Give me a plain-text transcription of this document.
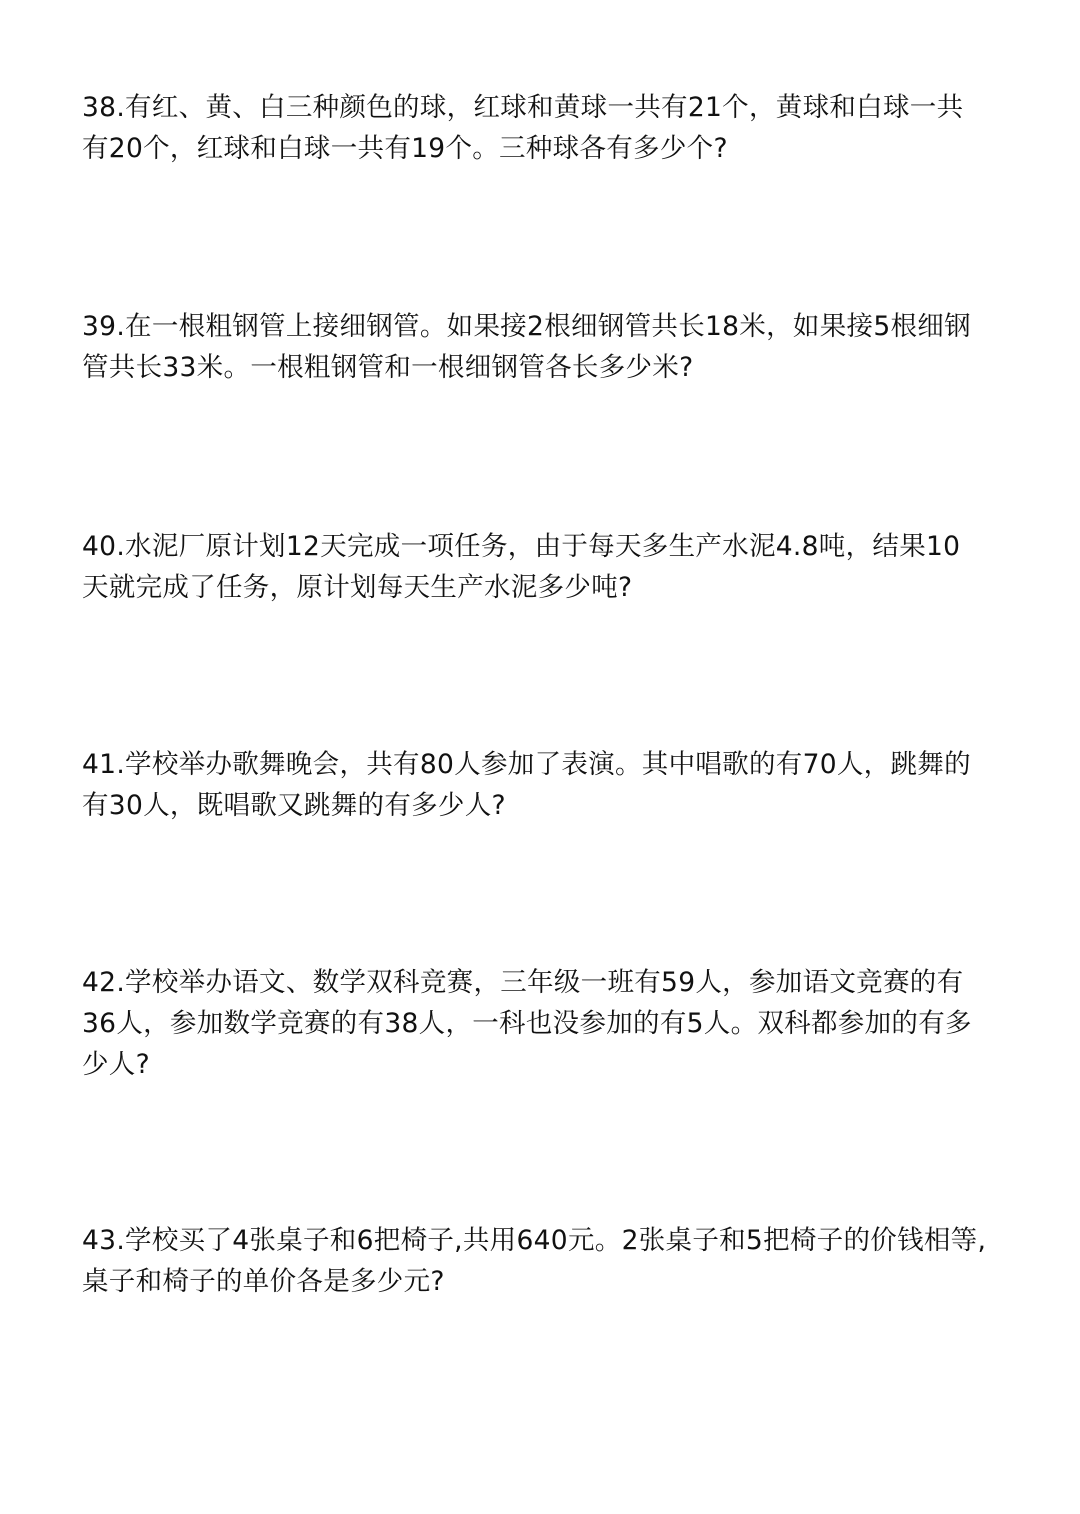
38.有红、黄、白三种颜色的球，红球和黄球一共有21个，黄球和白球一共
有20个，红球和白球一共有19个。三种球各有多少个?

39.在一根粗钢管上接细钢管。如果接2根细钢管共长18米，如果接5根细钢
管共长33米。一根粗钢管和一根细钢管各长多少米?

40.水泥厂原计划12天完成一项任务，由于每天多生产水泥4.8吨，结果10
天就完成了任务，原计划每天生产水泥多少吨?

41.学校举办歌舞晚会，共有80人参加了表演。其中唱歌的有70人，跳舞的
有30人，既唱歌又跳舞的有多少人?

42.学校举办语文、数学双科竞赛，三年级一班有59人，参加语文竞赛的有
36人，参加数学竞赛的有38人，一科也没参加的有5人。双科都参加的有多
少人?

43.学校买了4张桌子和6把椅子,共用640元。2张桌子和5把椅子的价钱相等,
桌子和椅子的单价各是多少元?
